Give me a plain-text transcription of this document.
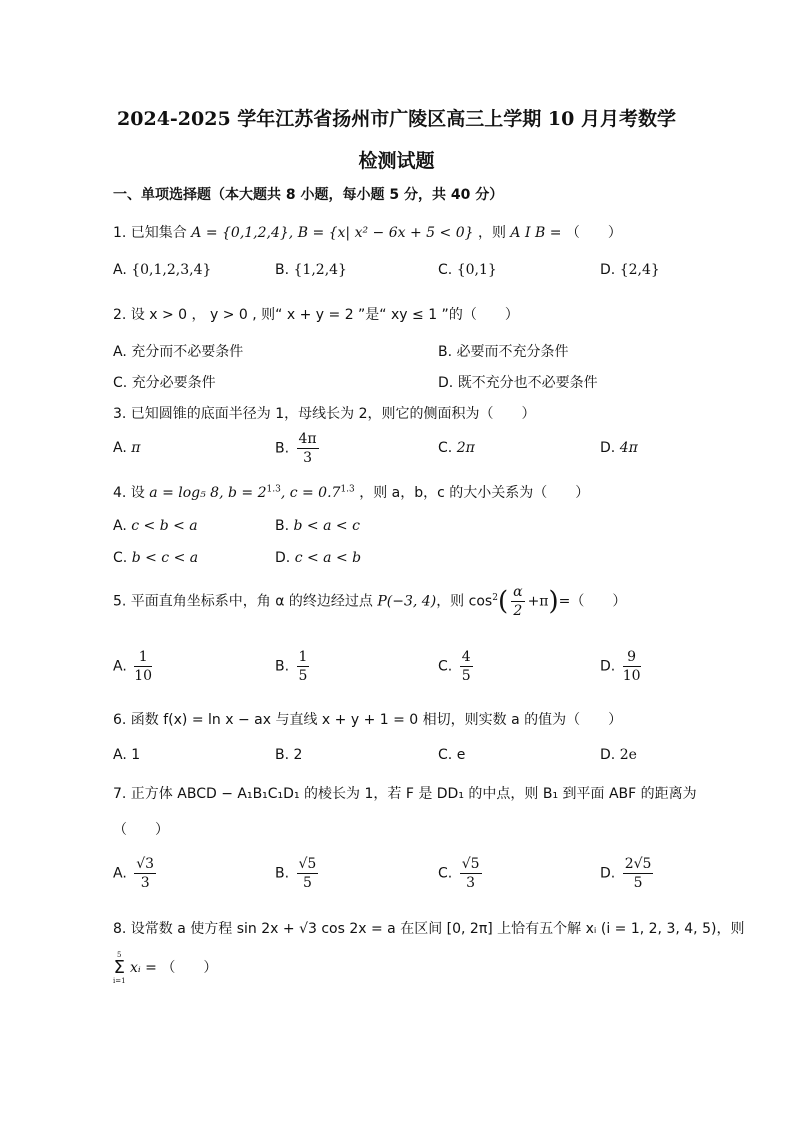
2024-2025 学年江苏省扬州市广陵区高三上学期 10 月月考数学
检测试题
一、单项选择题（本大题共 8 小题，每小题 5 分，共 40 分）
1. 已知集合 A = {0,1,2,4}, B = {x| x² − 6x + 5 < 0} ，则 A I B = （　　）
A. {0,1,2,3,4}	B. {1,2,4}	C. {0,1}	D. {2,4}
2. 设 x > 0 ， y > 0 , 则“ x + y = 2 ”是“ xy ≤ 1 ”的（　　）
A. 充分而不必要条件	B. 必要而不充分条件
C. 充分必要条件	D. 既不充分也不必要条件
3. 已知圆锥的底面半径为 1，母线长为 2，则它的侧面积为（　　）
A. π	B. $\frac{4\pi}{3}$	C. 2π	D. 4π
4. 设 a = log₅ 8, $b = 2^{1.3}$, $c = 0.7^{1.3}$ ，则 a，b，c 的大小关系为（　　）
A. c < b < a	B. b < a < c
C. b < c < a	D. c < a < b
5. 平面直角坐标系中，角 α 的终边经过点 P(−3, 4)，则 $\cos^2( \frac{\alpha}{2} +\pi)=$（　　）
A. $\frac{1}{10}$	B. $\frac{1}{5}$	C. $\frac{4}{5}$	D. $\frac{9}{10}$
6. 函数 f(x) = ln x − ax 与直线 x + y + 1 = 0 相切，则实数 a 的值为（　　）
A. 1	B. 2	C. e	D. 2e
7. 正方体 ABCD − A₁B₁C₁D₁ 的棱长为 1，若 F 是 DD₁ 的中点，则 B₁ 到平面 ABF 的距离为
（　　）
A. $\frac{√3}{3}$	B. $\frac{√5}{5}$	C. $\frac{√5}{3}$	D. $\frac{2√5}{5}$
8. 设常数 a 使方程 sin 2x + √3 cos 2x = a 在区间 [0, 2π] 上恰有五个解 xᵢ (i = 1, 2, 3, 4, 5)，则
5
Σ
i=1
xᵢ = （　　）
